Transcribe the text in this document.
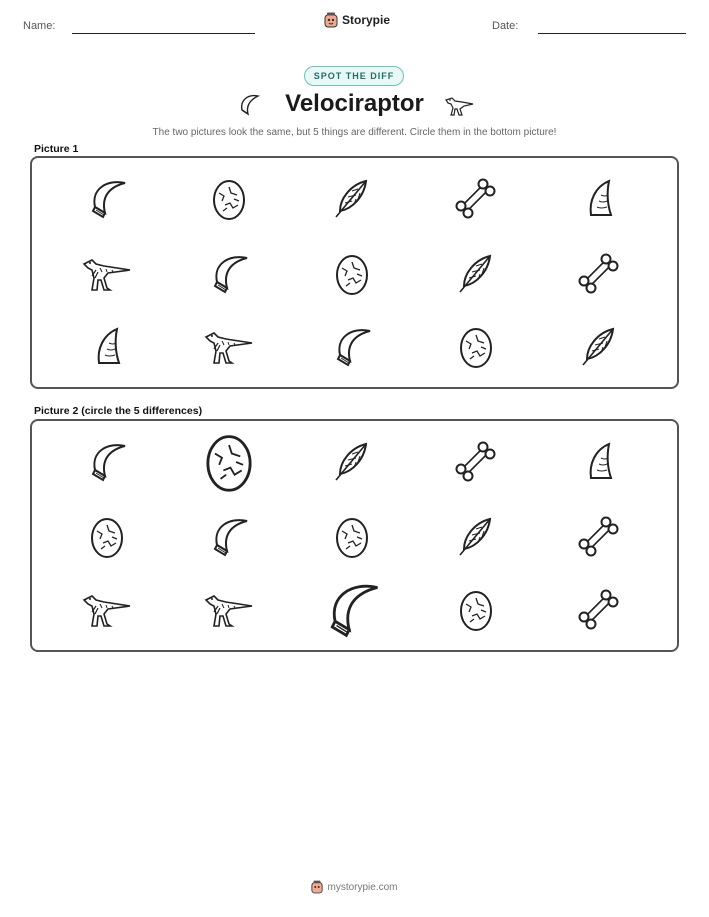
Name:	Storypie	Date:
SPOT THE DIFF
Velociraptor
The two pictures look the same, but 5 things are different. Circle them in the bottom picture!
Picture 1
Picture 2 (circle the 5 differences)
mystorypie.com
